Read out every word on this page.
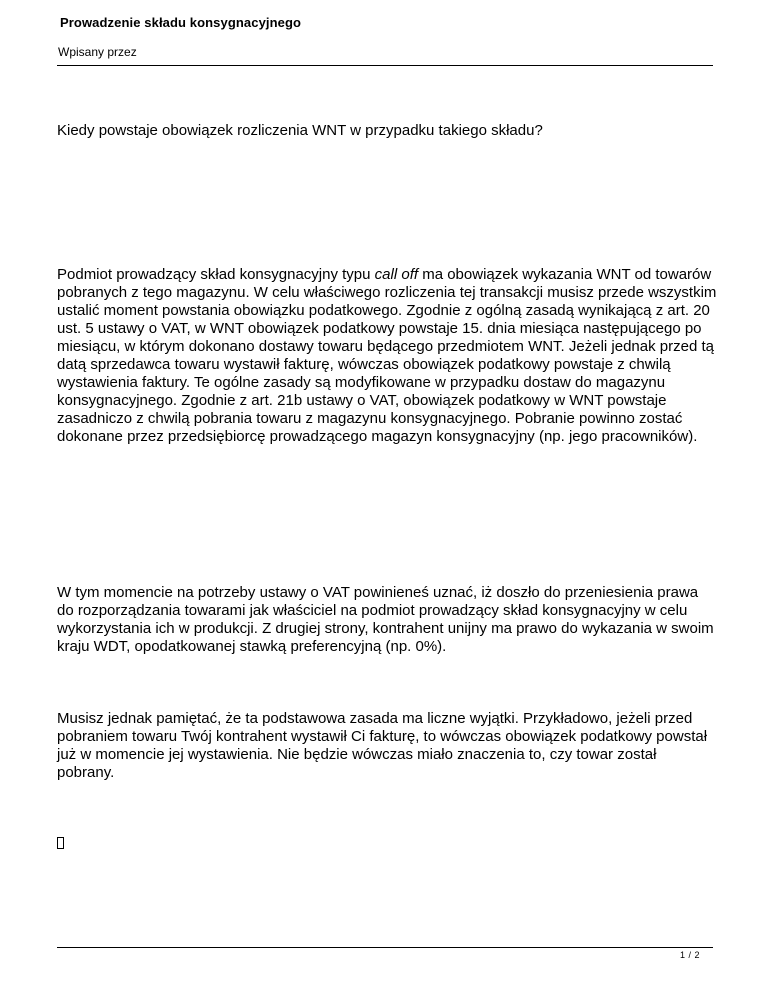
Prowadzenie składu konsygnacyjnego
Wpisany przez

Kiedy powstaje obowiązek rozliczenia WNT w przypadku takiego składu?

Podmiot prowadzący skład konsygnacyjny typu call off ma obowiązek wykazania WNT od towarów pobranych z tego magazynu. W celu właściwego rozliczenia tej transakcji musisz przede wszystkim ustalić moment powstania obowiązku podatkowego. Zgodnie z ogólną zasadą wynikającą z art. 20 ust. 5 ustawy o VAT, w WNT obowiązek podatkowy powstaje 15. dnia miesiąca następującego po miesiącu, w którym dokonano dostawy towaru będącego przedmiotem WNT. Jeżeli jednak przed tą datą sprzedawca towaru wystawił fakturę, wówczas obowiązek podatkowy powstaje z chwilą wystawienia faktury. Te ogólne zasady są modyfikowane w przypadku dostaw do magazynu konsygnacyjnego. Zgodnie z art. 21b ustawy o VAT, obowiązek podatkowy w WNT powstaje zasadniczo z chwilą pobrania towaru z magazynu konsygnacyjnego. Pobranie powinno zostać dokonane przez przedsiębiorcę prowadzącego magazyn konsygnacyjny (np. jego pracowników).

W tym momencie na potrzeby ustawy o VAT powinieneś uznać, iż doszło do przeniesienia prawa do rozporządzania towarami jak właściciel na podmiot prowadzący skład konsygnacyjny w celu wykorzystania ich w produkcji. Z drugiej strony, kontrahent unijny ma prawo do wykazania w swoim kraju WDT, opodatkowanej stawką preferencyjną (np. 0%).

Musisz jednak pamiętać, że ta podstawowa zasada ma liczne wyjątki. Przykładowo, jeżeli przed pobraniem towaru Twój kontrahent wystawił Ci fakturę, to wówczas obowiązek podatkowy powstał już w momencie jej wystawienia. Nie będzie wówczas miało znaczenia to, czy towar został pobrany.

1 / 2
